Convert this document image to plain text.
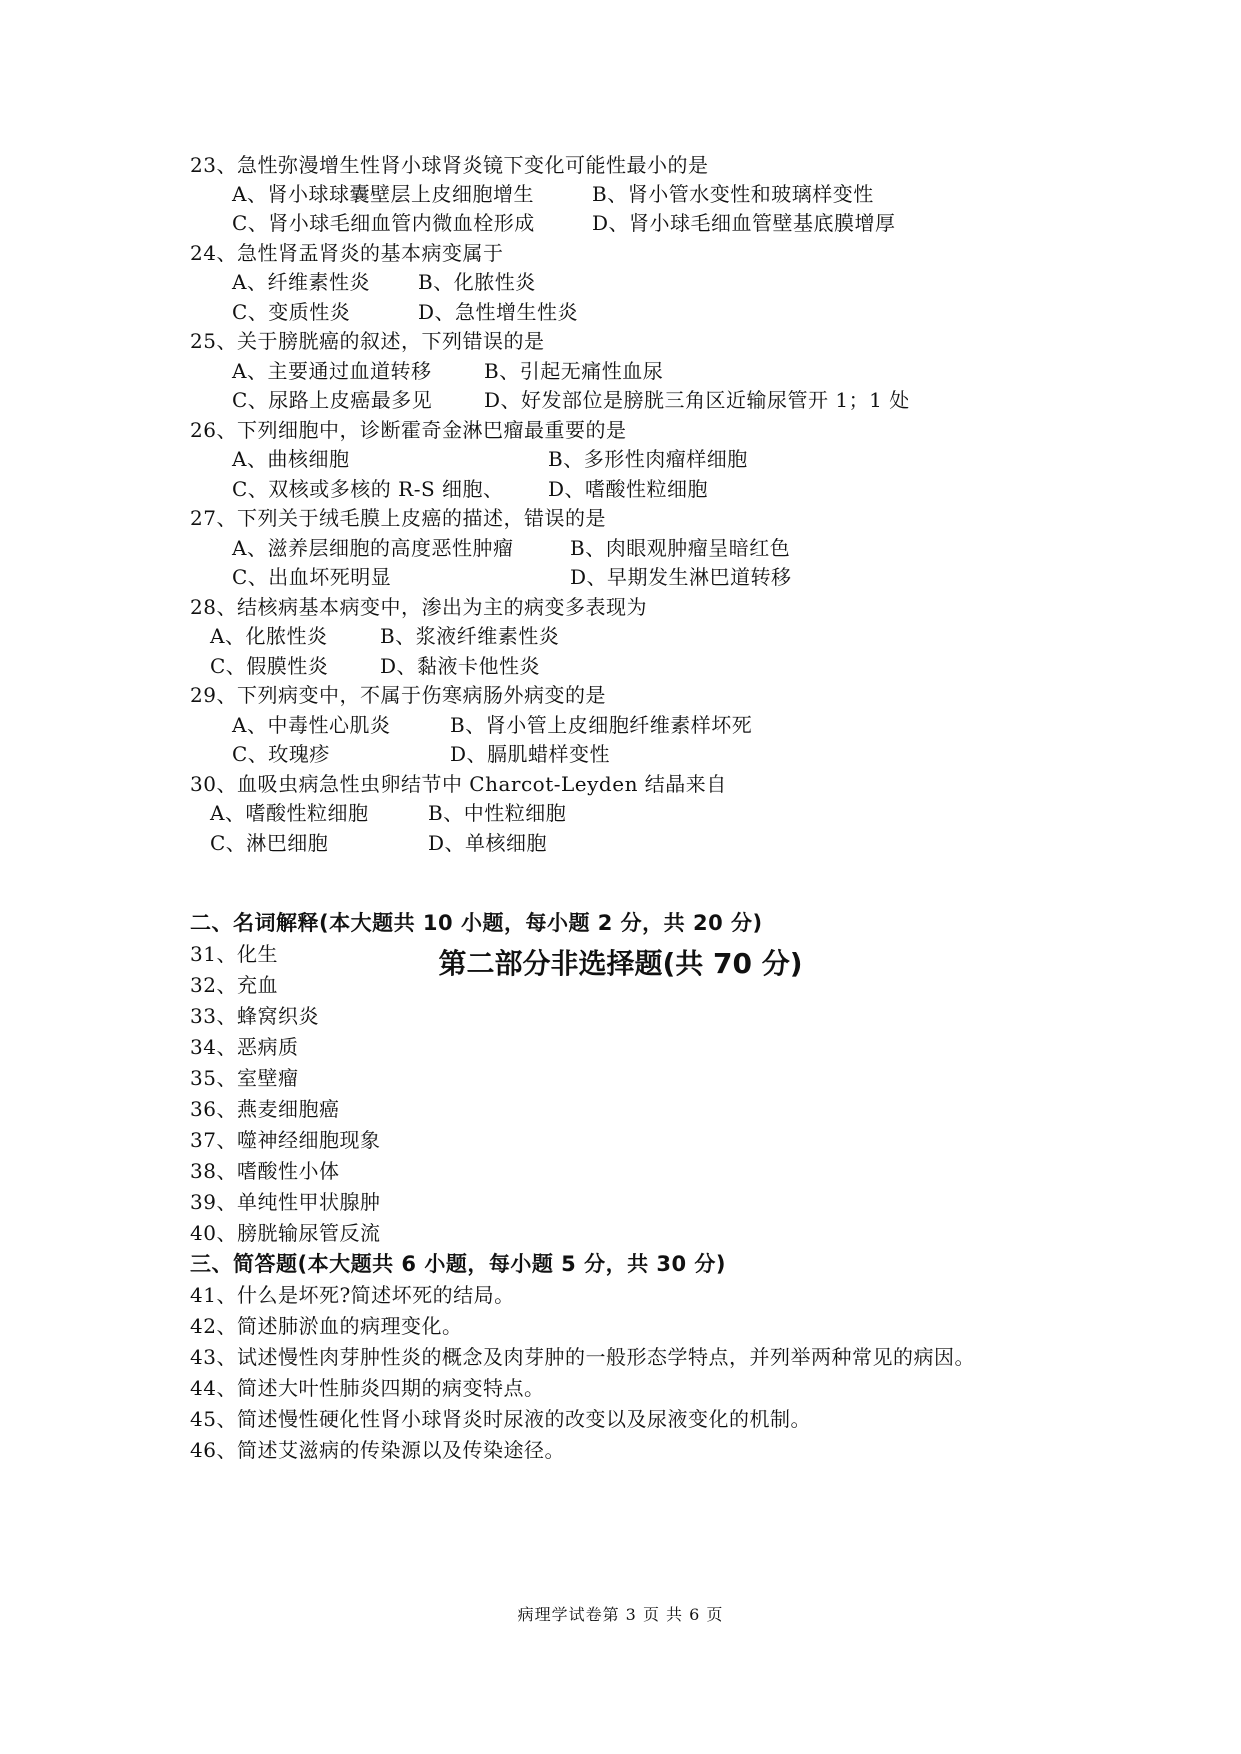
23、急性弥漫增生性肾小球肾炎镜下变化可能性最小的是
A、肾小球球囊壁层上皮细胞增生	B、肾小管水变性和玻璃样变性
C、肾小球毛细血管内微血栓形成	D、肾小球毛细血管壁基底膜增厚
24、急性肾盂肾炎的基本病变属于
A、纤维素性炎 B、化脓性炎
C、变质性炎	D、急性增生性炎
25、关于膀胱癌的叙述，下列错误的是
A、主要通过血道转移	B、引起无痛性血尿
C、尿路上皮癌最多见	D、好发部位是膀胱三角区近输尿管开 1；1 处
26、下列细胞中，诊断霍奇金淋巴瘤最重要的是
A、曲核细胞	B、多形性肉瘤样细胞
C、双核或多核的 R-S 细胞、 D、嗜酸性粒细胞
27、下列关于绒毛膜上皮癌的描述，错误的是
A、滋养层细胞的高度恶性肿瘤	B、肉眼观肿瘤呈暗红色
C、出血坏死明显	D、早期发生淋巴道转移
28、结核病基本病变中，渗出为主的病变多表现为
A、化脓性炎	B、浆液纤维素性炎
C、假膜性炎	D、黏液卡他性炎
29、下列病变中，不属于伤寒病肠外病变的是
A、中毒性心肌炎	B、肾小管上皮细胞纤维素样坏死
C、玫瑰疹	D、膈肌蜡样变性
30、血吸虫病急性虫卵结节中 Charcot-Leyden 结晶来自
A、嗜酸性粒细胞	B、中性粒细胞
C、淋巴细胞	D、单核细胞
第二部分非选择题(共 70 分)
二、名词解释(本大题共 10 小题，每小题 2 分，共 20 分)
31、化生
32、充血
33、蜂窝织炎
34、恶病质
35、室壁瘤
36、燕麦细胞癌
37、噬神经细胞现象
38、嗜酸性小体
39、单纯性甲状腺肿
40、膀胱输尿管反流
三、简答题(本大题共 6 小题，每小题 5 分，共 30 分)
41、什么是坏死?简述坏死的结局。
42、简述肺淤血的病理变化。
43、试述慢性肉芽肿性炎的概念及肉芽肿的一般形态学特点，并列举两种常见的病因。
44、简述大叶性肺炎四期的病变特点。
45、简述慢性硬化性肾小球肾炎时尿液的改变以及尿液变化的机制。
46、简述艾滋病的传染源以及传染途径。
病理学试卷第 3 页 共 6 页
